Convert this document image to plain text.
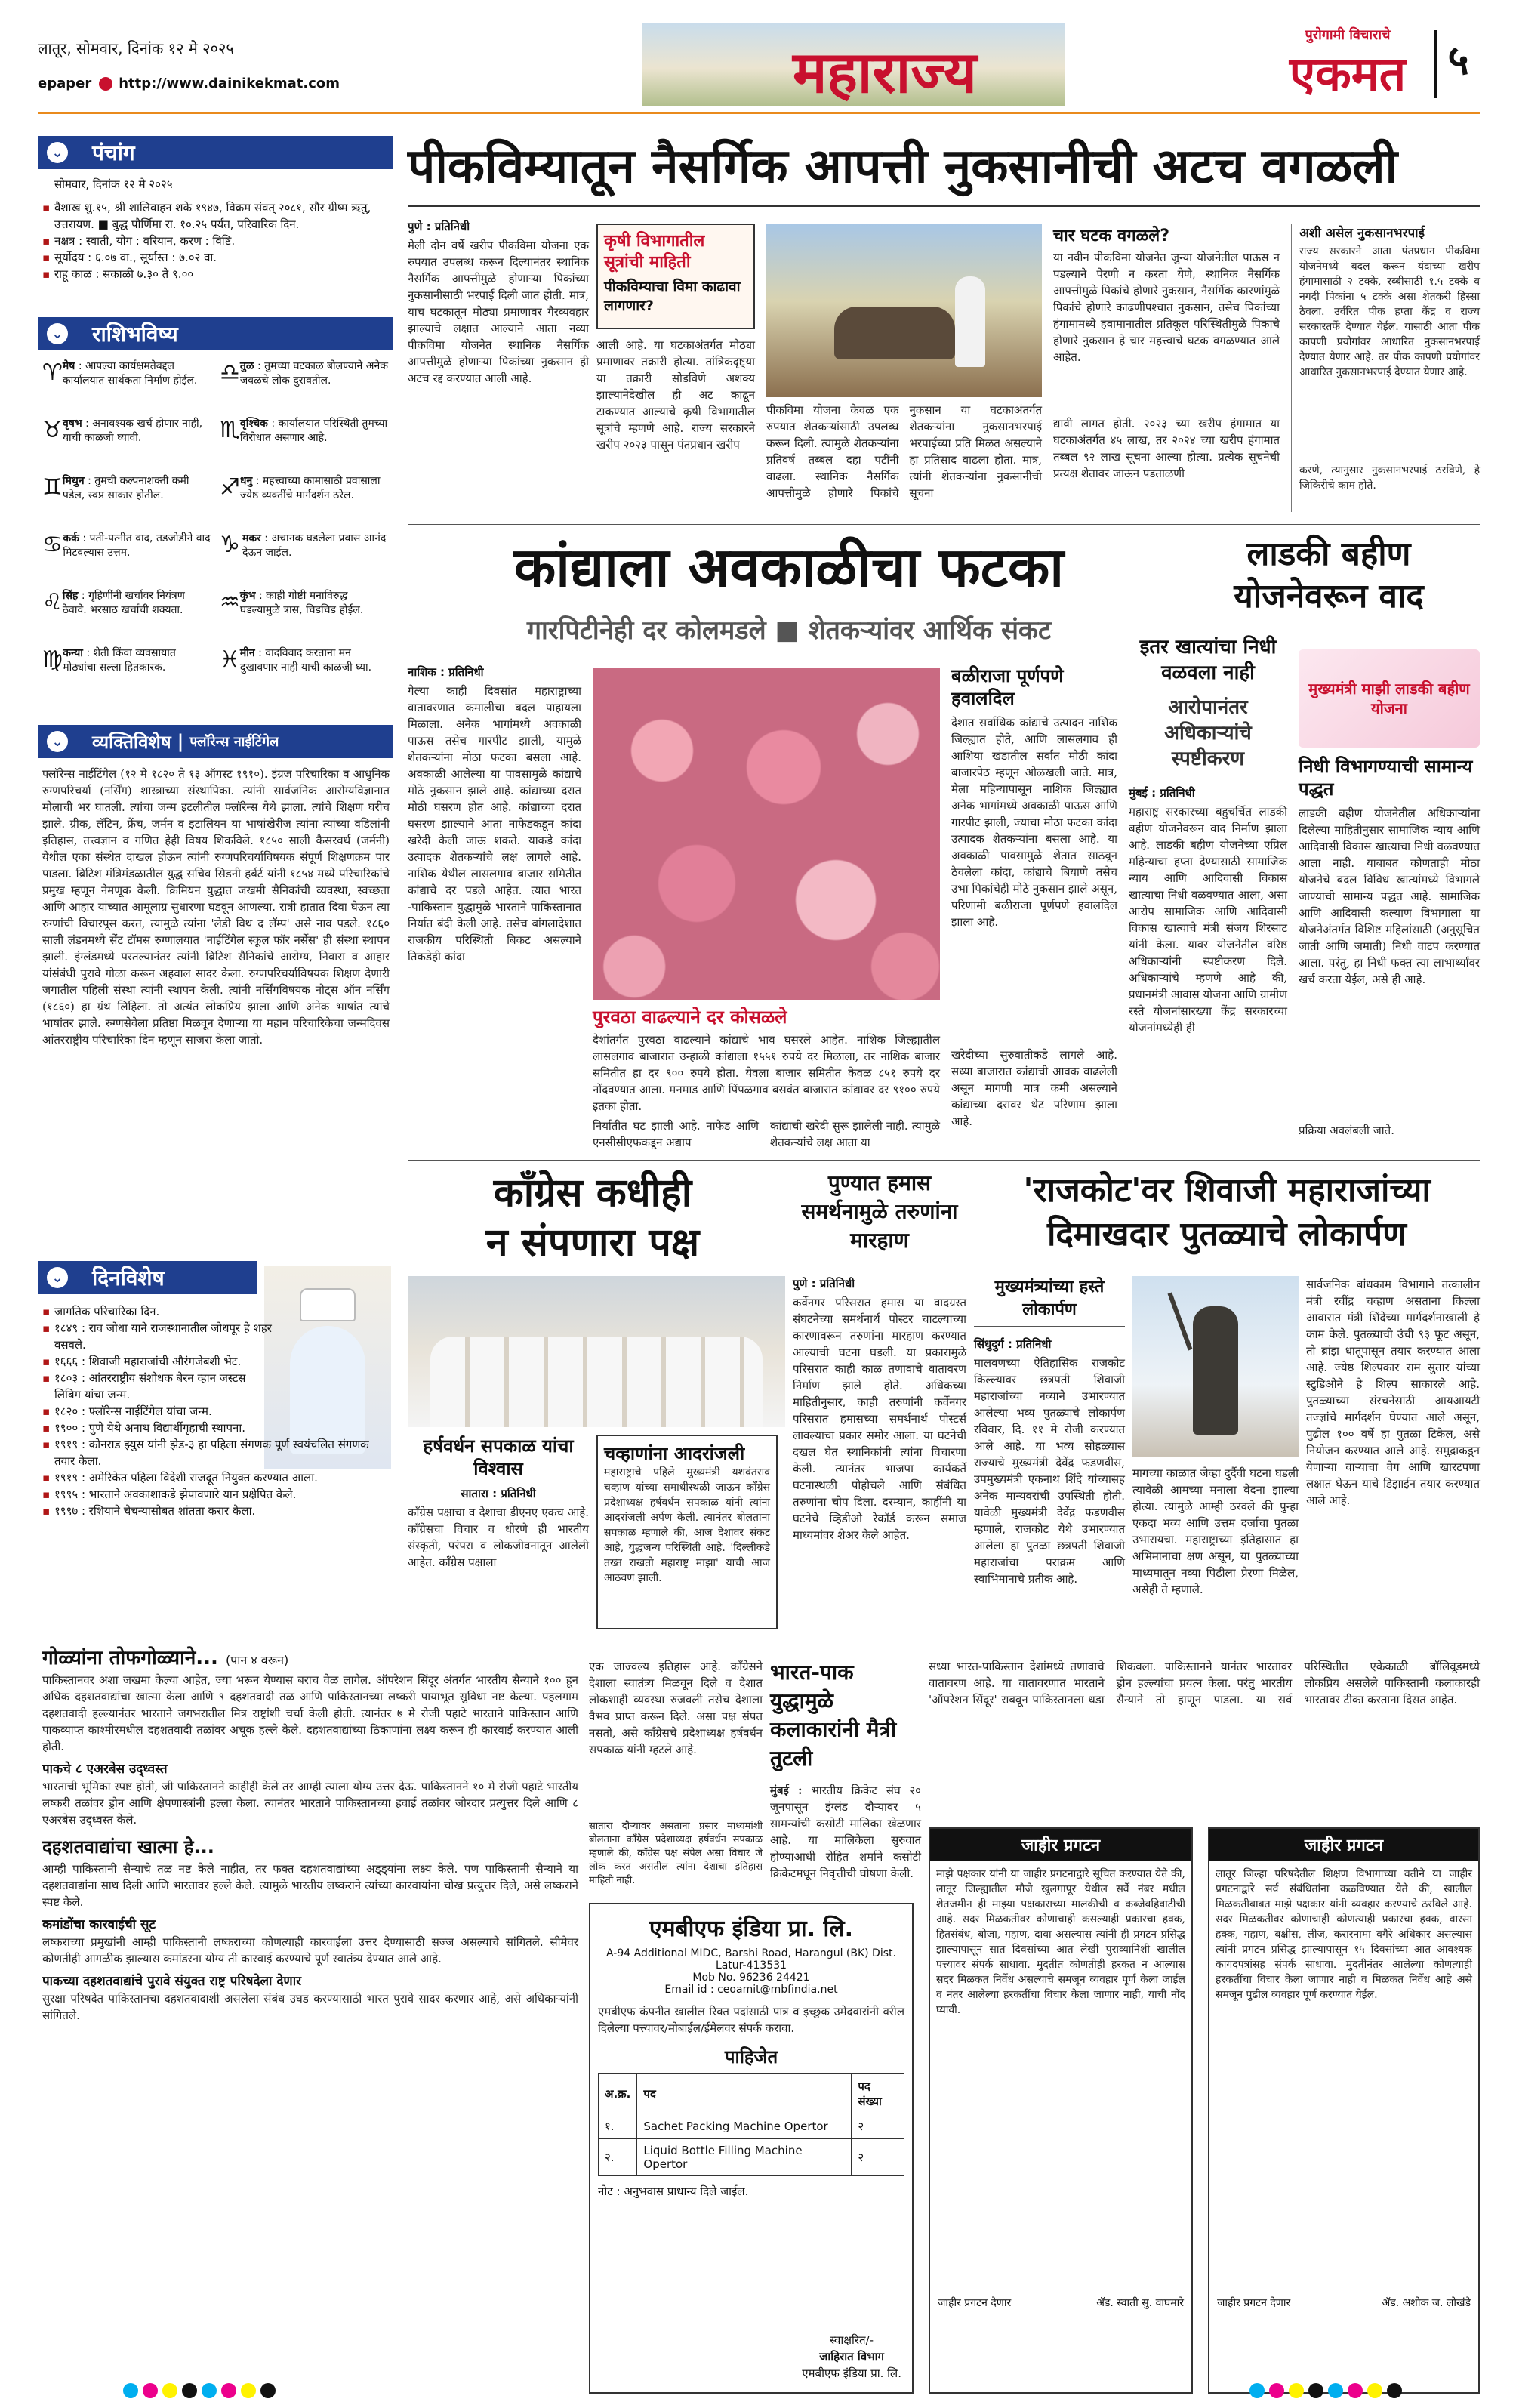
लातूर, सोमवार, दिनांक १२ मे २०२५
epaper http://www.dainikekmat.com	महाराज्य
पुरोगामी विचाराचे
एकमत	५
⌄ पंचांग
सोमवार, दिनांक १२ मे २०२५
▪ वैशाख शु.१५, श्री शालिवाहन शके १९४७, विक्रम संवत् २०८१, सौर ग्रीष्म ऋतु, उत्तरायण. ■ बुद्ध पौर्णिमा रा. १०.२५ पर्यंत, परिवारिक दिन.
▪ नक्षत्र : स्वाती, योग : वरियान, करण : विष्टि.
▪ सूर्योदय : ६.०७ वा., सूर्यास्त : ७.०२ वा.
▪ राहू काळ : सकाळी ७.३० ते ९.००
⌄ राशिभविष्य
♈ मेष : आपल्या कार्यक्षमतेबद्दल कार्यालयात सार्थकता निर्माण होईल.
♉ वृषभ : अनावश्यक खर्च होणार नाही, याची काळजी घ्यावी.
♊ मिथुन : तुमची कल्पनाशक्ती कमी पडेल, स्वप्न साकार होतील.
♋ कर्क : पती-पत्नीत वाद, तडजोडीने वाद मिटवल्यास उत्तम.
♌ सिंह : गृहिणींनी खर्चावर नियंत्रण ठेवावे. भरसाठ खर्चाची शक्यता.
♍ कन्या : शेती किंवा व्यवसायात मोठ्यांचा सल्ला हितकारक.
♎ तुळ : तुमच्या घटकाळ बोलण्याने अनेक जवळचे लोक दुरावतील.
♏ वृश्चिक : कार्यालयात परिस्थिती तुमच्या विरोधात असणार आहे.
♐ धनु : महत्त्वाच्या कामासाठी प्रवासाला ज्येष्ठ व्यक्तींचे मार्गदर्शन ठरेल.
♑ मकर : अचानक घडलेला प्रवास आनंद देऊन जाईल.
♒ कुंभ : काही गोष्टी मनाविरुद्ध घडल्यामुळे त्रास, चिडचिड होईल.
♓ मीन : वादविवाद करताना मन दुखावणार नाही याची काळजी घ्या.
⌄ व्यक्तिविशेष | फ्लॉरेन्स नाईटिंगेल
फ्लॉरेन्स नाईटिंगेल (१२ मे १८२० ते १३ ऑगस्ट १९१०). इंग्रज परिचारिका व आधुनिक रुग्णपरिचर्या (नर्सिंग) शास्त्राच्या संस्थापिका. त्यांनी सार्वजनिक आरोग्यविज्ञानात मोलाची भर घातली. त्यांचा जन्म इटलीतील फ्लॉरेन्स येथे झाला. त्यांचे शिक्षण घरीच झाले. ग्रीक, लॅटिन, फ्रेंच, जर्मन व इटालियन या भाषांखेरीज त्यांना त्यांच्या वडिलांनी इतिहास, तत्त्वज्ञान व गणित हेही विषय शिकविले. १८५० साली कैसरवर्थ (जर्मनी) येथील एका संस्थेत दाखल होऊन त्यांनी रुग्णपरिचर्याविषयक संपूर्ण शिक्षणक्रम पार पाडला. ब्रिटिश मंत्रिमंडळातील युद्ध सचिव सिडनी हर्बर्ट यांनी १८५४ मध्ये परिचारिकांचे प्रमुख म्हणून नेमणूक केली. क्रिमियन युद्धात जखमी सैनिकांची व्यवस्था, स्वच्छता आणि आहार यांच्यात आमूलाग्र सुधारणा घडवून आणल्या. रात्री हातात दिवा घेऊन त्या रुग्णांची विचारपूस करत, त्यामुळे त्यांना 'लेडी विथ द लॅम्प' असे नाव पडले. १८६० साली लंडनमध्ये सेंट टॉमस रुग्णालयात 'नाईटिंगेल स्कूल फॉर नर्सेस' ही संस्था स्थापन झाली. इंग्लंडमध्ये परतल्यानंतर त्यांनी ब्रिटिश सैनिकांचे आरोग्य, निवारा व आहार यांसंबंधी पुरावे गोळा करून अहवाल सादर केला. रुग्णपरिचर्याविषयक शिक्षण देणारी जगातील पहिली संस्था त्यांनी स्थापन केली. त्यांनी नर्सिंगविषयक नोट्स ऑन नर्सिंग (१८६०) हा ग्रंथ लिहिला. तो अत्यंत लोकप्रिय झाला आणि अनेक भाषांत त्याचे भाषांतर झाले. रुग्णसेवेला प्रतिष्ठा मिळवून देणाऱ्या या महान परिचारिकेचा जन्मदिवस आंतरराष्ट्रीय परिचारिका दिन म्हणून साजरा केला जातो.
⌄ दिनविशेष
▪ जागतिक परिचारिका दिन.
▪ १८४९ : राव जोधा याने राजस्थानातील जोधपूर हे शहर वसवले.
▪ १६६६ : शिवाजी महाराजांची औरंगजेबशी भेट.
▪ १८०३ : आंतरराष्ट्रीय संशोधक बेरन व्हान जस्टस लिबिग यांचा जन्म.
▪ १८२० : फ्लॉरेन्स नाईटिंगेल यांचा जन्म.
▪ १९०० : पुणे येथे अनाथ विद्यार्थीगृहाची स्थापना.
▪ १९१९ : कोनराड झ्युस यांनी झेड-३ हा पहिला संगणक पूर्ण स्वयंचलित संगणक तयार केला.
▪ १९१९ : अमेरिकेत पहिला विदेशी राजदूत नियुक्त करण्यात आला.
▪ १९९५ : भारताने अवकाशाकडे झेपावणारे यान प्रक्षेपित केले.
▪ १९९७ : रशियाने चेचन्यासोबत शांतता करार केला.
पीकविम्यातून नैसर्गिक आपत्ती नुकसानीची अटच वगळली
पुणे : प्रतिनिधी
मेली दोन वर्षे खरीप पीकविमा योजना एक रुपयात उपलब्ध करून दिल्यानंतर स्थानिक नैसर्गिक आपत्तीमुळे होणाऱ्या पिकांच्या नुकसानीसाठी भरपाई दिली जात होती. मात्र, याच घटकातून मोठ्या प्रमाणावर गैरव्यवहार झाल्याचे लक्षात आल्याने आता नव्या पीकविमा योजनेत स्थानिक नैसर्गिक आपत्तीमुळे होणाऱ्या पिकांच्या नुकसान ही अटच रद्द करण्यात आली आहे.
कृषी विभागातील सूत्रांची माहिती
पीकविम्याचा विमा काढावा लागणार?
आली आहे. या घटकाअंतर्गत मोठ्या प्रमाणावर तक्रारी होत्या. तांत्रिकदृष्ट्या या तक्रारी सोडविणे अशक्य झाल्यानेदेखील ही अट काढून टाकण्यात आल्याचे कृषी विभागातील सूत्रांचे म्हणणे आहे. राज्य सरकारने खरीप २०२३ पासून पंतप्रधान खरीप
पीकविमा योजना केवळ एक रुपयात शेतकऱ्यांसाठी उपलब्ध करून दिली. त्यामुळे शेतकऱ्यांना प्रतिवर्ष तब्बल दहा पटींनी वाढला. स्थानिक नैसर्गिक आपत्तीमुळे होणारे पिकांचे नुकसान या घटकाअंतर्गत शेतकऱ्यांना नुकसानभरपाई भरपाईच्या प्रति मिळत असल्याने हा प्रतिसाद वाढला होता. मात्र, त्यांनी शेतकऱ्यांना नुकसानीची सूचना
चार घटक वगळले?
या नवीन पीकविमा योजनेत जुन्या योजनेतील पाऊस न पडल्याने पेरणी न करता येणे, स्थानिक नैसर्गिक आपत्तीमुळे पिकांचे होणारे नुकसान, नैसर्गिक कारणांमुळे पिकांचे होणारे काढणीपश्चात नुकसान, तसेच पिकांच्या हंगामामध्ये हवामानातील प्रतिकूल परिस्थितीमुळे पिकांचे होणारे नुकसान हे चार महत्त्वाचे घटक वगळण्यात आले आहेत.
द्यावी लागत होती. २०२३ च्या खरीप हंगामात या घटकाअंतर्गत ४५ लाख, तर २०२४ च्या खरीप हंगामात तब्बल ९२ लाख सूचना आल्या होत्या. प्रत्येक सूचनेची प्रत्यक्ष शेतावर जाऊन पडताळणी
अशी असेल नुकसानभरपाई
राज्य सरकारने आता पंतप्रधान पीकविमा योजनेमध्ये बदल करून यंदाच्या खरीप हंगामासाठी २ टक्के, रब्बीसाठी १.५ टक्के व नगदी पिकांना ५ टक्के असा शेतकरी हिस्सा ठेवला. उर्वरित पीक हप्ता केंद्र व राज्य सरकारतर्फे देण्यात येईल. यासाठी आता पीक कापणी प्रयोगांवर आधारित नुकसानभरपाई देण्यात येणार आहे. तर पीक कापणी प्रयोगांवर आधारित नुकसानभरपाई देण्यात येणार आहे.
करणे, त्यानुसार नुकसानभरपाई ठरविणे, हे जिकिरीचे काम होते.
कांद्याला अवकाळीचा फटका
गारपिटीनेही दर कोलमडले ■ शेतकऱ्यांवर आर्थिक संकट
नाशिक : प्रतिनिधी
गेल्या काही दिवसांत महाराष्ट्राच्या वातावरणात कमालीचा बदल पाहायला मिळाला. अनेक भागांमध्ये अवकाळी पाऊस तसेच गारपीट झाली, यामुळे शेतकऱ्यांना मोठा फटका बसला आहे. अवकाळी आलेल्या या पावसामुळे कांद्याचे मोठे नुकसान झाले आहे. कांद्याच्या दरात मोठी घसरण होत आहे. कांद्याच्या दरात घसरण झाल्याने आता नाफेडकडून कांदा खरेदी केली जाऊ शकते. याकडे कांदा उत्पादक शेतकऱ्यांचे लक्ष लागले आहे. नाशिक येथील लासलगाव बाजार समितीत कांद्याचे दर पडले आहेत. त्यात भारत -पाकिस्तान युद्धामुळे भारताने पाकिस्तानात निर्यात बंदी केली आहे. तसेच बांगलादेशात राजकीय परिस्थिती बिकट असल्याने तिकडेही कांदा
पुरवठा वाढल्याने दर कोसळले
देशांतर्गत पुरवठा वाढल्याने कांद्याचे भाव घसरले आहेत. नाशिक जिल्ह्यातील लासलगाव बाजारात उन्हाळी कांद्याला १५५१ रुपये दर मिळाला, तर नाशिक बाजार समितीत हा दर ९०० रुपये होता. येवला बाजार समितीत केवळ ८५१ रुपये दर नोंदवण्यात आला. मनमाड आणि पिंपळगाव बसवंत बाजारात कांद्यावर दर ९१०० रुपये इतका होता.
निर्यातीत घट झाली आहे. नाफेड आणि एनसीसीएफकडून अद्याप
कांद्याची खरेदी सुरू झालेली नाही. त्यामुळे शेतकऱ्यांचे लक्ष आता या
बळीराजा पूर्णपणे हवालदिल
देशात सर्वाधिक कांद्याचे उत्पादन नाशिक जिल्ह्यात होते, आणि लासलगाव ही आशिया खंडातील सर्वात मोठी कांदा बाजारपेठ म्हणून ओळखली जाते. मात्र, मेला महिन्यापासून नाशिक जिल्ह्यात अनेक भागांमध्ये अवकाळी पाऊस आणि गारपीट झाली, ज्याचा मोठा फटका कांदा उत्पादक शेतकऱ्यांना बसला आहे. या अवकाळी पावसामुळे शेतात साठवून ठेवलेला कांदा, कांद्याचे बियाणे तसेच उभा पिकांचेही मोठे नुकसान झाले असून, परिणामी बळीराजा पूर्णपणे हवालदिल झाला आहे.
खरेदीच्या सुरुवातीकडे लागले आहे. सध्या बाजारात कांद्याची आवक वाढलेली असून मागणी मात्र कमी असल्याने कांद्याच्या दरावर थेट परिणाम झाला आहे.
लाडकी बहीण योजनेवरून वाद
इतर खात्यांचा निधी वळवला नाही
आरोपानंतर अधिकाऱ्यांचे स्पष्टीकरण
मुंबई : प्रतिनिधी
महाराष्ट्र सरकारच्या बहुचर्चित लाडकी बहीण योजनेवरून वाद निर्माण झाला आहे. लाडकी बहीण योजनेच्या एप्रिल महिन्याचा हप्ता देण्यासाठी सामाजिक न्याय आणि आदिवासी विकास खात्याचा निधी वळवण्यात आला, असा आरोप सामाजिक आणि आदिवासी विकास खात्याचे मंत्री संजय शिरसाट यांनी केला. यावर योजनेतील वरिष्ठ अधिकाऱ्यांनी स्पष्टीकरण दिले. अधिकाऱ्यांचे म्हणणे आहे की, प्रधानमंत्री आवास योजना आणि ग्रामीण रस्ते योजनांसारख्या केंद्र सरकारच्या योजनांमध्येही ही
मुख्यमंत्री माझी लाडकी बहीण योजना
निधी विभागण्याची सामान्य पद्धत
लाडकी बहीण योजनेतील अधिकाऱ्यांना दिलेल्या माहितीनुसार सामाजिक न्याय आणि आदिवासी विकास खात्याचा निधी वळवण्यात आला नाही. याबाबत कोणताही मोठा योजनेचे बदल विविध खात्यांमध्ये विभागले जाण्याची सामान्य पद्धत आहे. सामाजिक आणि आदिवासी कल्याण विभागाला या योजनेअंतर्गत विशिष्ट महिलांसाठी (अनुसूचित जाती आणि जमाती) निधी वाटप करण्यात आला. परंतु, हा निधी फक्त त्या लाभार्थ्यांवर खर्च करता येईल, असे ही आहे.
प्रक्रिया अवलंबली जाते.
काँग्रेस कधीही
न संपणारा पक्ष
हर्षवर्धन सपकाळ यांचा विश्वास
सातारा : प्रतिनिधी
काँग्रेस पक्षाचा व देशाचा डीएनए एकच आहे. काँग्रेसचा विचार व धोरणे ही भारतीय संस्कृती, परंपरा व लोकजीवनातून आलेली आहेत. काँग्रेस पक्षाला
चव्हाणांना आदरांजली
महाराष्ट्राचे पहिले मुख्यमंत्री यशवंतराव चव्हाण यांच्या समाधीस्थळी जाऊन काँग्रेस प्रदेशाध्यक्ष हर्षवर्धन सपकाळ यांनी त्यांना आदरांजली अर्पण केली. त्यानंतर बोलताना सपकाळ म्हणाले की, आज देशावर संकट आहे, युद्धजन्य परिस्थिती आहे. 'दिल्लीकडे तख्त राखतो महाराष्ट्र माझा' याची आज आठवण झाली.
एक जाज्वल्य इतिहास आहे. काँग्रेसने देशाला स्वातंत्र्य मिळवून दिले व देशात लोकशाही व्यवस्था रुजवली तसेच देशाला वैभव प्राप्त करून दिले. असा पक्ष संपत नसतो, असे काँग्रेसचे प्रदेशाध्यक्ष हर्षवर्धन सपकाळ यांनी म्हटले आहे.
सातारा दौऱ्यावर असताना प्रसार माध्यमांशी बोलताना काँग्रेस प्रदेशाध्यक्ष हर्षवर्धन सपकाळ म्हणाले की, काँग्रेस पक्ष संपेल असा विचार जे लोक करत असतील त्यांना देशाचा इतिहास माहिती नाही.
पुण्यात हमास समर्थनामुळे तरुणांना मारहाण
पुणे : प्रतिनिधी
कर्वेनगर परिसरात हमास या वादग्रस्त संघटनेच्या समर्थनार्थ पोस्टर चाटल्याच्या कारणावरून तरुणांना मारहाण करण्यात आल्याची घटना घडली. या प्रकारामुळे परिसरात काही काळ तणावाचे वातावरण निर्माण झाले होते. अधिकच्या माहितीनुसार, काही तरुणांनी कर्वेनगर परिसरात हमासच्या समर्थनार्थ पोस्टर्स लावल्याचा प्रकार समोर आला. या घटनेची दखल घेत स्थानिकांनी त्यांना विचारणा केली. त्यानंतर भाजपा कार्यकर्ते घटनास्थळी पोहोचले आणि संबंधित तरुणांना चोप दिला. दरम्यान, काहींनी या घटनेचे व्हिडीओ रेकॉर्ड करून समाज माध्यमांवर शेअर केले आहेत.
'राजकोट'वर शिवाजी महाराजांच्या
दिमाखदार पुतळ्याचे लोकार्पण
मुख्यमंत्र्यांच्या हस्ते लोकार्पण
सिंधुदुर्ग : प्रतिनिधी
मालवणच्या ऐतिहासिक राजकोट किल्ल्यावर छत्रपती शिवाजी महाराजांच्या नव्याने उभारण्यात आलेल्या भव्य पुतळ्याचे लोकार्पण रविवार, दि. ११ मे रोजी करण्यात आले आहे. या भव्य सोहळ्यास राज्याचे मुख्यमंत्री देवेंद्र फडणवीस, उपमुख्यमंत्री एकनाथ शिंदे यांच्यासह अनेक मान्यवरांची उपस्थिती होती. यावेळी मुख्यमंत्री देवेंद्र फडणवीस म्हणाले, राजकोट येथे उभारण्यात आलेला हा पुतळा छत्रपती शिवाजी महाराजांचा पराक्रम आणि स्वाभिमानाचे प्रतीक आहे.
मागच्या काळात जेव्हा दुर्दैवी घटना घडली त्यावेळी आमच्या मनाला वेदना झाल्या होत्या. त्यामुळे आम्ही ठरवले की पुन्हा एकदा भव्य आणि उत्तम दर्जाचा पुतळा उभारायचा. महाराष्ट्राच्या इतिहासात हा अभिमानाचा क्षण असून, या पुतळ्याच्या माध्यमातून नव्या पिढीला प्रेरणा मिळेल, असेही ते म्हणाले.
सार्वजनिक बांधकाम विभागाने तत्कालीन मंत्री रवींद्र चव्हाण असताना किल्ला आवारात मंत्री शिंदेंच्या मार्गदर्शनाखाली हे काम केले. पुतळ्याची उंची ९३ फूट असून, तो ब्रांझ धातूपासून तयार करण्यात आला आहे. ज्येष्ठ शिल्पकार राम सुतार यांच्या स्टुडिओने हे शिल्प साकारले आहे. पुतळ्याच्या संरचनेसाठी आयआयटी तज्ज्ञांचे मार्गदर्शन घेण्यात आले असून, पुढील १०० वर्षे हा पुतळा टिकेल, असे नियोजन करण्यात आले आहे. समुद्राकडून येणाऱ्या वाऱ्याचा वेग आणि खारटपणा लक्षात घेऊन याचे डिझाईन तयार करण्यात आले आहे.
गोळ्यांना तोफगोळ्याने... (पान ४ वरून)
पाकिस्तानवर अशा जखमा केल्या आहेत, ज्या भरून येण्यास बराच वेळ लागेल. ऑपरेशन सिंदूर अंतर्गत भारतीय सैन्याने १०० हून अधिक दहशतवाद्यांचा खात्मा केला आणि ९ दहशतवादी तळ आणि पाकिस्तानच्या लष्करी पायाभूत सुविधा नष्ट केल्या. पहलगाम दहशतवादी हल्ल्यानंतर भारताने जगभरातील मित्र राष्ट्रांशी चर्चा केली होती. त्यानंतर ७ मे रोजी पहाटे भारताने पाकिस्तान आणि पाकव्याप्त काश्मीरमधील दहशतवादी तळांवर अचूक हल्ले केले. दहशतवाद्यांच्या ठिकाणांना लक्ष्य करून ही कारवाई करण्यात आली होती.
पाकचे ८ एअरबेस उद्ध्वस्त
भारताची भूमिका स्पष्ट होती, जी पाकिस्तानने काहीही केले तर आम्ही त्याला योग्य उत्तर देऊ. पाकिस्तानने १० मे रोजी पहाटे भारतीय लष्करी तळांवर ड्रोन आणि क्षेपणास्त्रांनी हल्ला केला. त्यानंतर भारताने पाकिस्तानच्या हवाई तळांवर जोरदार प्रत्युत्तर दिले आणि ८ एअरबेस उद्ध्वस्त केले.
दहशतवाद्यांचा खात्मा हे...
आम्ही पाकिस्तानी सैन्याचे तळ नष्ट केले नाहीत, तर फक्त दहशतवाद्यांच्या अड्ड्यांना लक्ष्य केले. पण पाकिस्तानी सैन्याने या दहशतवाद्यांना साथ दिली आणि भारतावर हल्ले केले. त्यामुळे भारतीय लष्कराने त्यांच्या कारवायांना चोख प्रत्युत्तर दिले, असे लष्कराने स्पष्ट केले.
कमांडोंचा कारवाईची सूट
लष्कराच्या प्रमुखांनी आम्ही पाकिस्तानी लष्कराच्या कोणत्याही कारवाईला उत्तर देण्यासाठी सज्ज असल्याचे सांगितले. सीमेवर कोणतीही आगळीक झाल्यास कमांडरना योग्य ती कारवाई करण्याचे पूर्ण स्वातंत्र्य देण्यात आले आहे.
पाकच्या दहशतवाद्यांचे पुरावे संयुक्त राष्ट्र परिषदेला देणार
सुरक्षा परिषदेत पाकिस्तानचा दहशतवादाशी असलेला संबंध उघड करण्यासाठी भारत पुरावे सादर करणार आहे, असे अधिकाऱ्यांनी सांगितले.
भारत-पाक युद्धामुळे कलाकारांनी मैत्री तुटली
मुंबई : भारतीय क्रिकेट संघ २० जूनपासून इंग्लंड दौऱ्यावर ५ सामन्यांची कसोटी मालिका खेळणार आहे. या मालिकेला सुरुवात होण्याआधी रोहित शर्माने कसोटी क्रिकेटमधून निवृत्तीची घोषणा केली.
सध्या भारत-पाकिस्तान देशांमध्ये तणावाचे वातावरण आहे. या वातावरणात भारताने 'ऑपरेशन सिंदूर' राबवून पाकिस्तानला धडा शिकवला. पाकिस्तानने यानंतर भारतावर ड्रोन हल्ल्यांचा प्रयत्न केला. परंतु भारतीय सैन्याने तो हाणून पाडला. या सर्व परिस्थितीत एकेकाळी बॉलिवूडमध्ये लोकप्रिय असलेले पाकिस्तानी कलाकारही भारतावर टीका करताना दिसत आहेत.
एमबीएफ इंडिया प्रा. लि.
A-94 Additional MIDC, Barshi Road, Harangul (BK) Dist. Latur-413531
Mob No. 96236 24421
Email id : ceoamit@mbfindia.net
एमबीएफ कंपनीत खालील रिक्त पदांसाठी पात्र व इच्छुक उमेदवारांनी वरील दिलेल्या पत्त्यावर/मोबाईल/ईमेलवर संपर्क करावा.
पाहिजेत
अ.क्र.	पद	पद संख्या
१.	Sachet Packing Machine Opertor	२
२.	Liquid Bottle Filling Machine Opertor	२
नोट : अनुभवास प्राधान्य दिले जाईल.
स्वाक्षरित/-
जाहिरात विभाग
एमबीएफ इंडिया प्रा. लि.
जाहीर प्रगटन
माझे पक्षकार यांनी या जाहीर प्रगटनाद्वारे सूचित करण्यात येते की, लातूर जिल्ह्यातील मौजे खुलगापूर येथील सर्वे नंबर मधील शेतजमीन ही माझ्या पक्षकाराच्या मालकीची व कब्जेवहिवाटीची आहे. सदर मिळकतीवर कोणाचाही कसल्याही प्रकारचा हक्क, हितसंबंध, बोजा, गहाण, दावा असल्यास त्यांनी ही प्रगटन प्रसिद्ध झाल्यापासून सात दिवसांच्या आत लेखी पुराव्यानिशी खालील पत्त्यावर संपर्क साधावा. मुदतीत कोणतीही हरकत न आल्यास सदर मिळकत निर्वेध असल्याचे समजून व्यवहार पूर्ण केला जाईल व नंतर आलेल्या हरकतींचा विचार केला जाणार नाही, याची नोंद घ्यावी.
जाहीर प्रगटन देणार	ॲड. स्वाती सु. वाघमारे
जाहीर प्रगटन
लातूर जिल्हा परिषदेतील शिक्षण विभागाच्या वतीने या जाहीर प्रगटनाद्वारे सर्व संबंधितांना कळविण्यात येते की, खालील मिळकतीबाबत माझे पक्षकार यांनी व्यवहार करण्याचे ठरविले आहे. सदर मिळकतीवर कोणाचाही कोणत्याही प्रकारचा हक्क, वारसा हक्क, गहाण, बक्षीस, लीज, करारनामा वगैरे अधिकार असल्यास त्यांनी प्रगटन प्रसिद्ध झाल्यापासून १५ दिवसांच्या आत आवश्यक कागदपत्रांसह संपर्क साधावा. मुदतीनंतर आलेल्या कोणत्याही हरकतींचा विचार केला जाणार नाही व मिळकत निर्वेध आहे असे समजून पुढील व्यवहार पूर्ण करण्यात येईल.
जाहीर प्रगटन देणार	ॲड. अशोक ज. लोखंडे
